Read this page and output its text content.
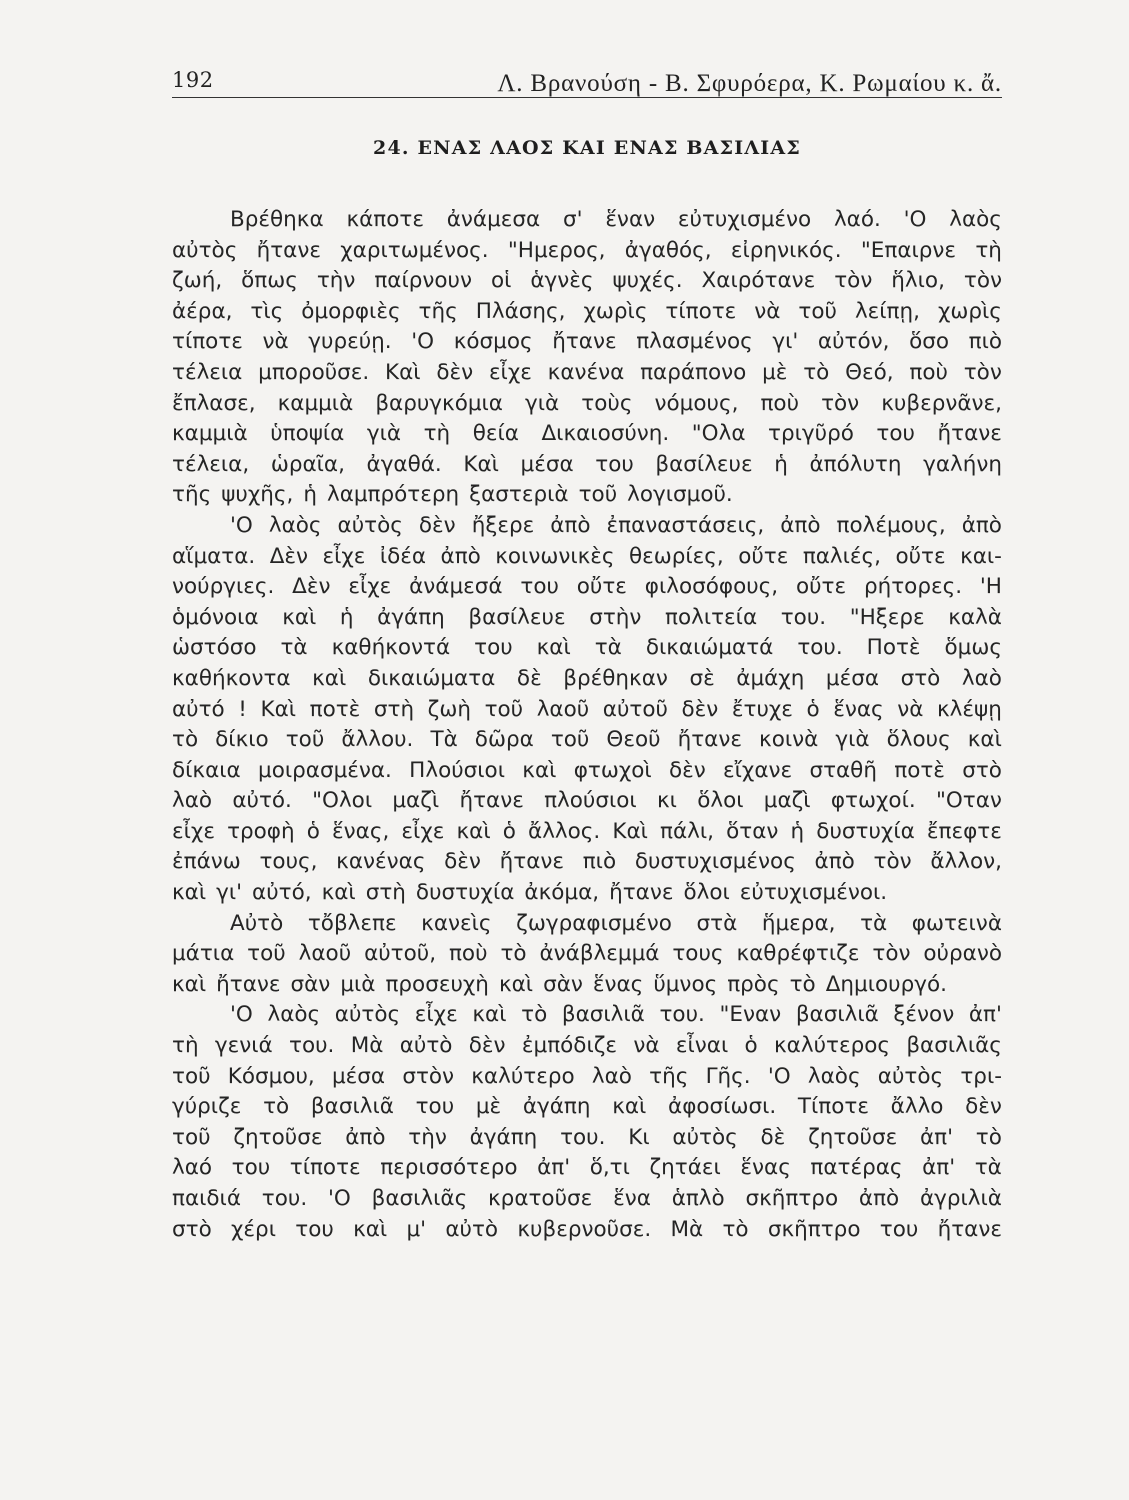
192	Λ. Βρανούση - Β. Σφυρόερα, Κ. Ρωμαίου κ. ἄ.
24. ΕΝΑΣ ΛΑΟΣ ΚΑΙ ΕΝΑΣ ΒΑΣΙΛΙΑΣ
Βρέθηκα κάποτε ἀνάμεσα σ' ἕναν εὐτυχισμένο λαό. 'Ο λαὸς
αὐτὸς ἤτανε χαριτωμένος. "Ημερος, ἀγαθός, εἰρηνικός. "Επαιρνε τὴ
ζωή, ὅπως τὴν παίρνουν οἱ ἁγνὲς ψυχές. Χαιρότανε τὸν ἥλιο, τὸν
ἀέρα, τὶς ὀμορφιὲς τῆς Πλάσης, χωρὶς τίποτε νὰ τοῦ λείπῃ, χωρὶς
τίποτε νὰ γυρεύῃ. 'Ο κόσμος ἤτανε πλασμένος γι' αὐτόν, ὅσο πιὸ
τέλεια μποροῦσε. Καὶ δὲν εἶχε κανένα παράπονο μὲ τὸ Θεό, ποὺ τὸν
ἔπλασε, καμμιὰ βαρυγκόμια γιὰ τοὺς νόμους, ποὺ τὸν κυβερνᾶνε,
καμμιὰ ὑποψία γιὰ τὴ θεία Δικαιοσύνη. "Ολα τριγῦρό του ἤτανε
τέλεια, ὡραῖα, ἀγαθά. Καὶ μέσα του βασίλευε ἡ ἀπόλυτη γαλήνη
τῆς ψυχῆς, ἡ λαμπρότερη ξαστεριὰ τοῦ λογισμοῦ.
'Ο λαὸς αὐτὸς δὲν ἤξερε ἀπὸ ἐπαναστάσεις, ἀπὸ πολέμους, ἀπὸ
αἵματα. Δὲν εἶχε ἰδέα ἀπὸ κοινωνικὲς θεωρίες, οὔτε παλιές, οὔτε και-
νούργιες. Δὲν εἶχε ἀνάμεσά του οὔτε φιλοσόφους, οὔτε ρήτορες. 'Η
ὁμόνοια καὶ ἡ ἀγάπη βασίλευε στὴν πολιτεία του. "Ηξερε καλὰ
ὡστόσο τὰ καθήκοντά του καὶ τὰ δικαιώματά του. Ποτὲ ὅμως
καθήκοντα καὶ δικαιώματα δὲ βρέθηκαν σὲ ἀμάχη μέσα στὸ λαὸ
αὐτό ! Καὶ ποτὲ στὴ ζωὴ τοῦ λαοῦ αὐτοῦ δὲν ἔτυχε ὁ ἕνας νὰ κλέψῃ
τὸ δίκιο τοῦ ἄλλου. Τὰ δῶρα τοῦ Θεοῦ ἤτανε κοινὰ γιὰ ὅλους καὶ
δίκαια μοιρασμένα. Πλούσιοι καὶ φτωχοὶ δὲν εἴχανε σταθῆ ποτὲ στὸ
λαὸ αὐτό. "Ολοι μαζὶ ἤτανε πλούσιοι κι ὅλοι μαζὶ φτωχοί. "Οταν
εἶχε τροφὴ ὁ ἕνας, εἶχε καὶ ὁ ἄλλος. Καὶ πάλι, ὅταν ἡ δυστυχία ἔπεφτε
ἐπάνω τους, κανένας δὲν ἤτανε πιὸ δυστυχισμένος ἀπὸ τὸν ἄλλον,
καὶ γι' αὐτό, καὶ στὴ δυστυχία ἀκόμα, ἤτανε ὅλοι εὐτυχισμένοι.
Αὐτὸ τὄβλεπε κανεὶς ζωγραφισμένο στὰ ἥμερα, τὰ φωτεινὰ
μάτια τοῦ λαοῦ αὐτοῦ, ποὺ τὸ ἀνάβλεμμά τους καθρέφτιζε τὸν οὐρανὸ
καὶ ἤτανε σὰν μιὰ προσευχὴ καὶ σὰν ἕνας ὕμνος πρὸς τὸ Δημιουργό.
'Ο λαὸς αὐτὸς εἶχε καὶ τὸ βασιλιᾶ του. "Εναν βασιλιᾶ ξένον ἀπ'
τὴ γενιά του. Μὰ αὐτὸ δὲν ἐμπόδιζε νὰ εἶναι ὁ καλύτερος βασιλιᾶς
τοῦ Κόσμου, μέσα στὸν καλύτερο λαὸ τῆς Γῆς. 'Ο λαὸς αὐτὸς τρι-
γύριζε τὸ βασιλιᾶ του μὲ ἀγάπη καὶ ἀφοσίωσι. Τίποτε ἄλλο δὲν
τοῦ ζητοῦσε ἀπὸ τὴν ἀγάπη του. Κι αὐτὸς δὲ ζητοῦσε ἀπ' τὸ
λαό του τίποτε περισσότερο ἀπ' ὅ,τι ζητάει ἕνας πατέρας ἀπ' τὰ
παιδιά του. 'Ο βασιλιᾶς κρατοῦσε ἕνα ἁπλὸ σκῆπτρο ἀπὸ ἀγριλιὰ
στὸ χέρι του καὶ μ' αὐτὸ κυβερνοῦσε. Μὰ τὸ σκῆπτρο του ἤτανε
